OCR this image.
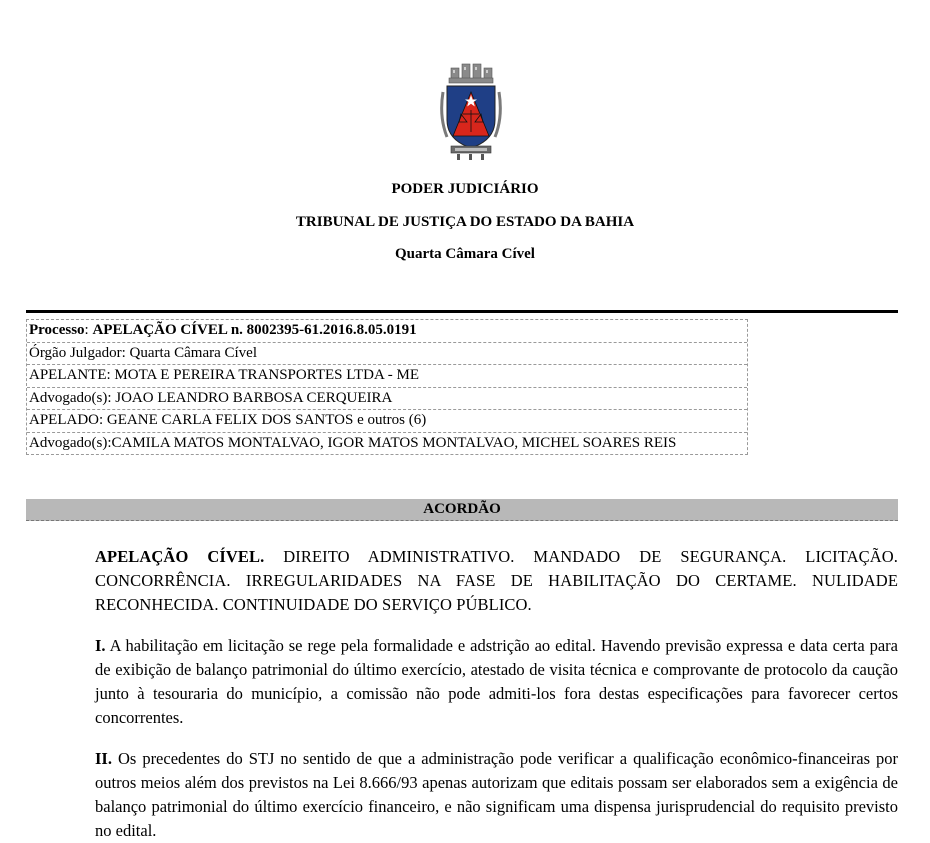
PODER JUDICIÁRIO
TRIBUNAL DE JUSTIÇA DO ESTADO DA BAHIA
Quarta Câmara Cível
Processo: APELAÇÃO CÍVEL n. 8002395-61.2016.8.05.0191
Órgão Julgador: Quarta Câmara Cível
APELANTE: MOTA E PEREIRA TRANSPORTES LTDA - ME
Advogado(s): JOAO LEANDRO BARBOSA CERQUEIRA
APELADO: GEANE CARLA FELIX DOS SANTOS e outros (6)
Advogado(s):CAMILA MATOS MONTALVAO, IGOR MATOS MONTALVAO, MICHEL SOARES REIS
ACORDÃO
APELAÇÃO CÍVEL. DIREITO ADMINISTRATIVO. MANDADO DE SEGURANÇA. LICITAÇÃO. CONCORRÊNCIA. IRREGULARIDADES NA FASE DE HABILITAÇÃO DO CERTAME. NULIDADE RECONHECIDA. CONTINUIDADE DO SERVIÇO PÚBLICO.
I. A habilitação em licitação se rege pela formalidade e adstrição ao edital. Havendo previsão expressa e data certa para de exibição de balanço patrimonial do último exercício, atestado de visita técnica e comprovante de protocolo da caução junto à tesouraria do município, a comissão não pode admiti-los fora destas especificações para favorecer certos concorrentes.
II. Os precedentes do STJ no sentido de que a administração pode verificar a qualificação econômico-financeiras por outros meios além dos previstos na Lei 8.666/93 apenas autorizam que editais possam ser elaborados sem a exigência de balanço patrimonial do último exercício financeiro, e não significam uma dispensa jurisprudencial do requisito previsto no edital.
